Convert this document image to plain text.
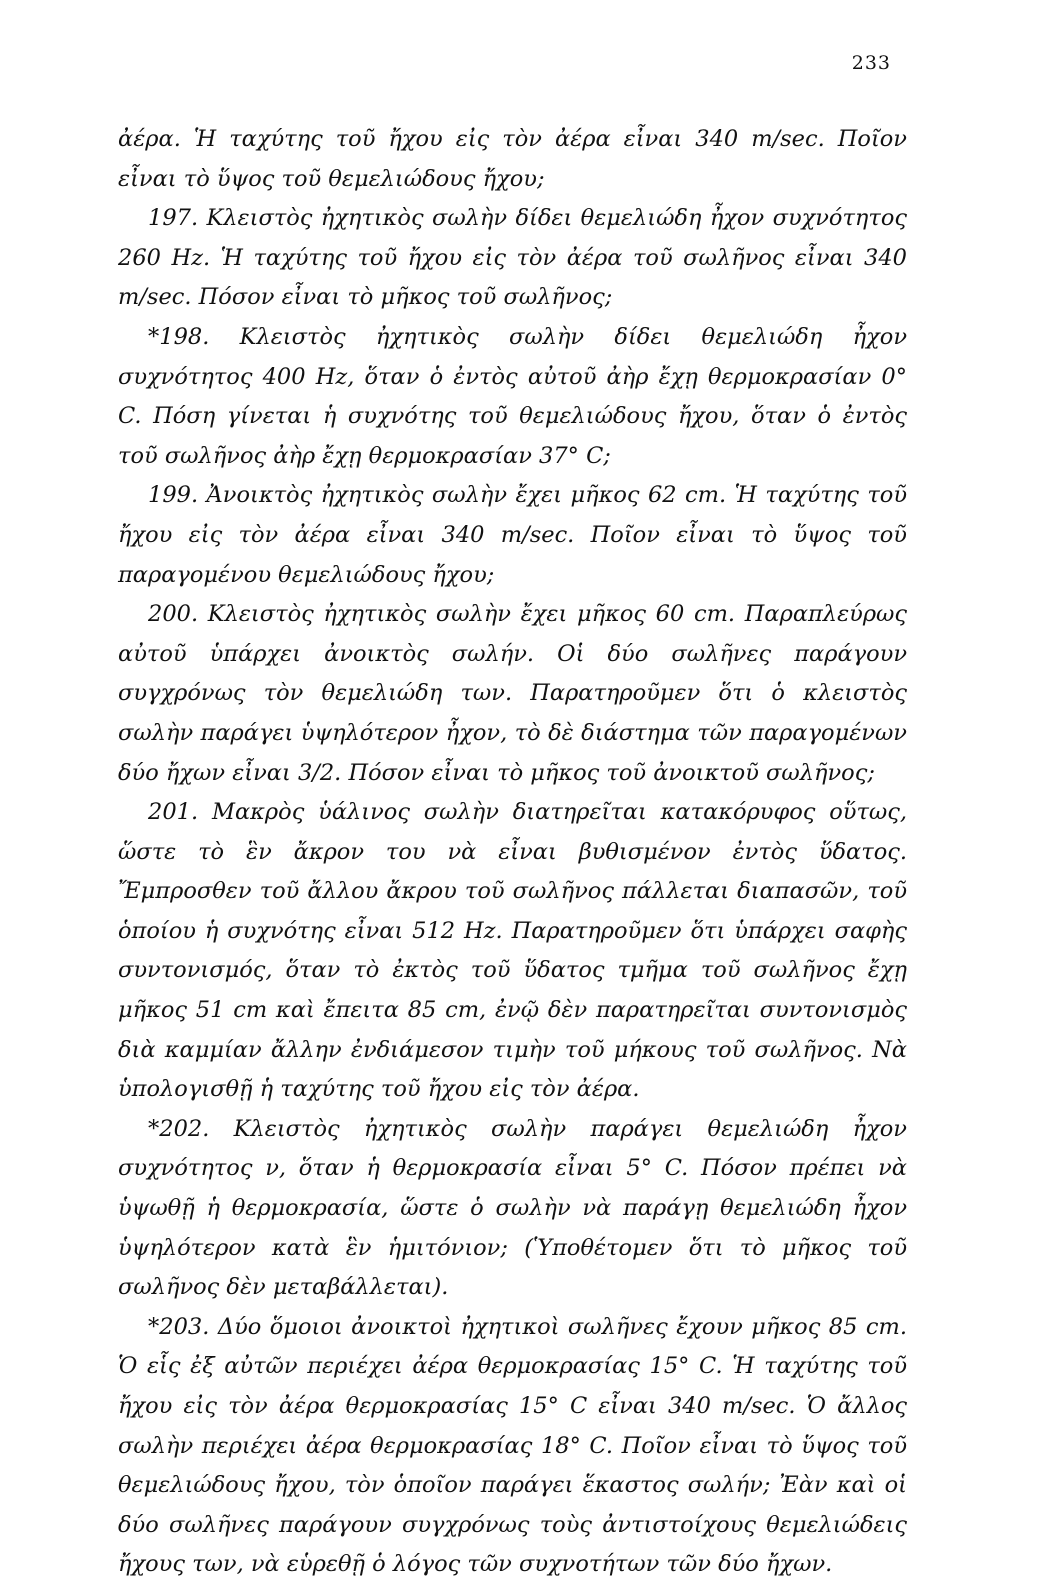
233

ἀέρα. Ἡ ταχύτης τοῦ ἤχου εἰς τὸν ἀέρα εἶναι 340 m/sec. Ποῖον εἶναι τὸ ὕψος τοῦ θεμελιώδους ἤχου;

197. Κλειστὸς ἠχητικὸς σωλὴν δίδει θεμελιώδη ἦχον συχνότητος 260 Hz. Ἡ ταχύτης τοῦ ἤχου εἰς τὸν ἀέρα τοῦ σωλῆνος εἶναι 340 m/sec. Πόσον εἶναι τὸ μῆκος τοῦ σωλῆνος;

*198. Κλειστὸς ἠχητικὸς σωλὴν δίδει θεμελιώδη ἦχον συχνότητος 400 Hz, ὅταν ὁ ἐντὸς αὐτοῦ ἀὴρ ἔχῃ θερμοκρασίαν 0° C. Πόση γίνεται ἡ συχνότης τοῦ θεμελιώδους ἤχου, ὅταν ὁ ἐντὸς τοῦ σωλῆνος ἀὴρ ἔχῃ θερμοκρασίαν 37° C;

199. Ἀνοικτὸς ἠχητικὸς σωλὴν ἔχει μῆκος 62 cm. Ἡ ταχύτης τοῦ ἤχου εἰς τὸν ἀέρα εἶναι 340 m/sec. Ποῖον εἶναι τὸ ὕψος τοῦ παραγομένου θεμελιώδους ἤχου;

200. Κλειστὸς ἠχητικὸς σωλὴν ἔχει μῆκος 60 cm. Παραπλεύρως αὐτοῦ ὑπάρχει ἀνοικτὸς σωλήν. Οἱ δύο σωλῆνες παράγουν συγχρόνως τὸν θεμελιώδη των. Παρατηροῦμεν ὅτι ὁ κλειστὸς σωλὴν παράγει ὑψηλότερον ἦχον, τὸ δὲ διάστημα τῶν παραγομένων δύο ἤχων εἶναι 3/2. Πόσον εἶναι τὸ μῆκος τοῦ ἀνοικτοῦ σωλῆνος;

201. Μακρὸς ὑάλινος σωλὴν διατηρεῖται κατακόρυφος οὕτως, ὥστε τὸ ἓν ἄκρον του νὰ εἶναι βυθισμένον ἐντὸς ὕδατος. Ἔμπροσθεν τοῦ ἄλλου ἄκρου τοῦ σωλῆνος πάλλεται διαπασῶν, τοῦ ὁποίου ἡ συχνότης εἶναι 512 Hz. Παρατηροῦμεν ὅτι ὑπάρχει σαφὴς συντονισμός, ὅταν τὸ ἐκτὸς τοῦ ὕδατος τμῆμα τοῦ σωλῆνος ἔχῃ μῆκος 51 cm καὶ ἔπειτα 85 cm, ἐνῷ δὲν παρατηρεῖται συντονισμὸς διὰ καμμίαν ἄλλην ἐνδιάμεσον τιμὴν τοῦ μήκους τοῦ σωλῆνος. Νὰ ὑπολογισθῇ ἡ ταχύτης τοῦ ἤχου εἰς τὸν ἀέρα.

*202. Κλειστὸς ἠχητικὸς σωλὴν παράγει θεμελιώδη ἦχον συχνότητος ν, ὅταν ἡ θερμοκρασία εἶναι 5° C. Πόσον πρέπει νὰ ὑψωθῇ ἡ θερμοκρασία, ὥστε ὁ σωλὴν νὰ παράγῃ θεμελιώδη ἦχον ὑψηλότερον κατὰ ἓν ἡμιτόνιον; (Ὑποθέτομεν ὅτι τὸ μῆκος τοῦ σωλῆνος δὲν μεταβάλλεται).

*203. Δύο ὅμοιοι ἀνοικτοὶ ἠχητικοὶ σωλῆνες ἔχουν μῆκος 85 cm. Ὁ εἷς ἐξ αὐτῶν περιέχει ἀέρα θερμοκρασίας 15° C. Ἡ ταχύτης τοῦ ἤχου εἰς τὸν ἀέρα θερμοκρασίας 15° C εἶναι 340 m/sec. Ὁ ἄλλος σωλὴν περιέχει ἀέρα θερμοκρασίας 18° C. Ποῖον εἶναι τὸ ὕψος τοῦ θεμελιώδους ἤχου, τὸν ὁποῖον παράγει ἕκαστος σωλήν; Ἐὰν καὶ οἱ δύο σωλῆνες παράγουν συγχρόνως τοὺς ἀντιστοίχους θεμελιώδεις ἤχους των, νὰ εὑρεθῇ ὁ λόγος τῶν συχνοτήτων τῶν δύο ἤχων.
